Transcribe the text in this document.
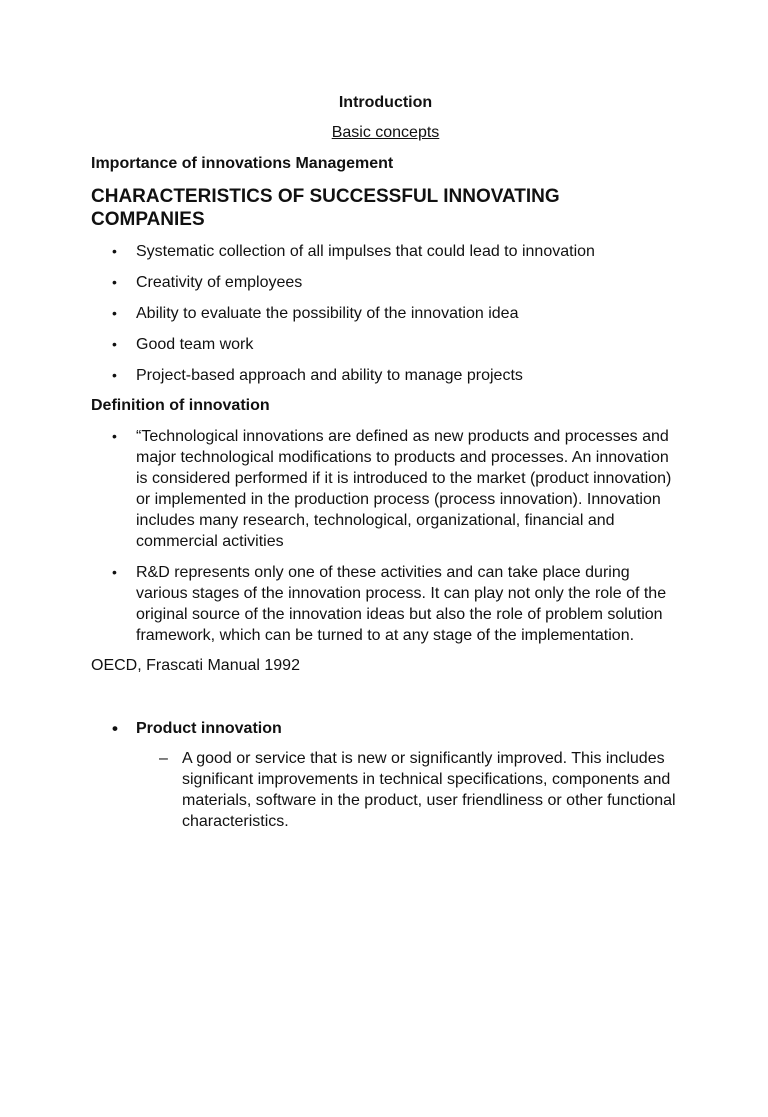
Introduction
Basic concepts
Importance of innovations Management
CHARACTERISTICS OF SUCCESSFUL INNOVATING COMPANIES
• Systematic collection of all impulses that could lead to innovation
• Creativity of employees
• Ability to evaluate the possibility of the innovation idea
• Good team work
• Project-based approach and ability to manage projects
Definition of innovation
• “Technological innovations are defined as new products and processes and major technological modifications to products and processes. An innovation is considered performed if it is introduced to the market (product innovation) or implemented in the production process (process innovation). Innovation includes many research, technological, organizational, financial and commercial activities
• R&D represents only one of these activities and can take place during various stages of the innovation process. It can play not only the role of the original source of the innovation ideas but also the role of problem solution framework, which can be turned to at any stage of the implementation.
OECD, Frascati Manual 1992
• Product innovation
– A good or service that is new or significantly improved. This includes significant improvements in technical specifications, components and materials, software in the product, user friendliness or other functional characteristics.
